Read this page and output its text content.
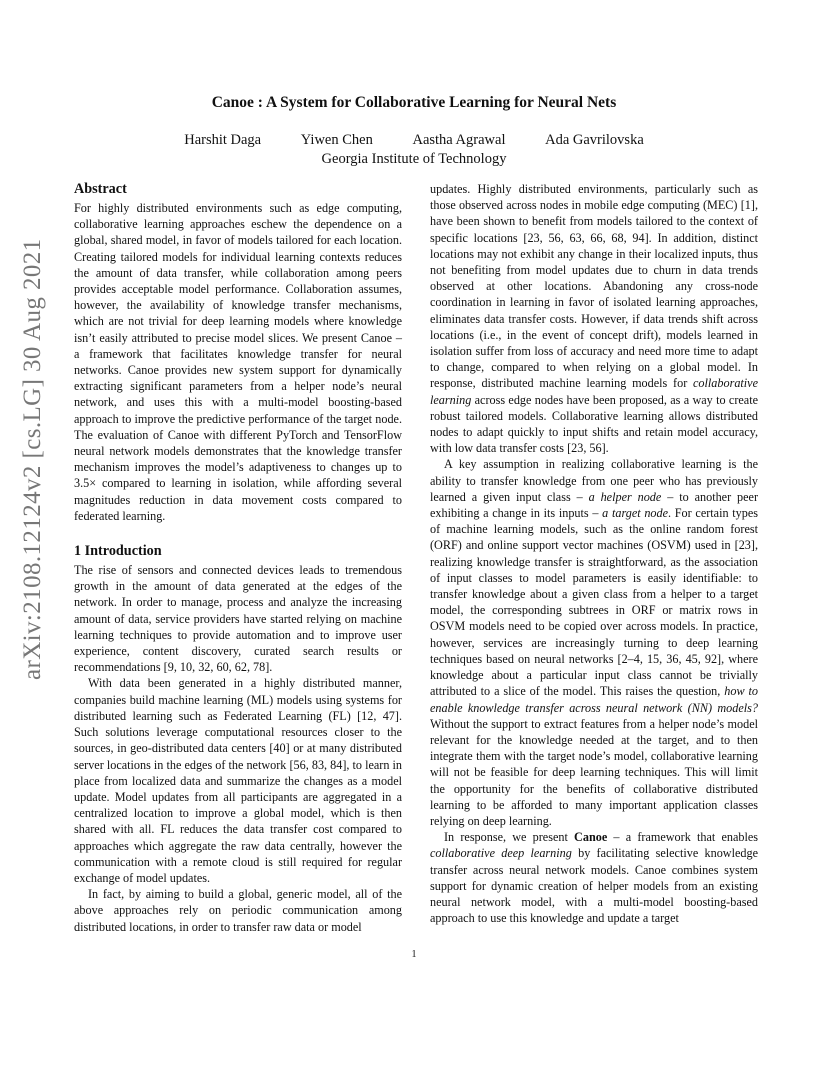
Canoe : A System for Collaborative Learning for Neural Nets
Harshit Daga	Yiwen Chen	Aastha Agrawal	Ada Gavrilovska
Georgia Institute of Technology
arXiv:2108.12124v2 [cs.LG] 30 Aug 2021
Abstract

For highly distributed environments such as edge computing, collaborative learning approaches eschew the dependence on a global, shared model, in favor of models tailored for each location. Creating tailored models for individual learning contexts reduces the amount of data transfer, while collaboration among peers provides acceptable model performance. Collaboration assumes, however, the availability of knowledge transfer mechanisms, which are not trivial for deep learning models where knowledge isn’t easily attributed to precise model slices. We present Canoe – a framework that facilitates knowledge transfer for neural networks. Canoe provides new system support for dynamically extracting significant parameters from a helper node’s neural network, and uses this with a multi-model boosting-based approach to improve the predictive performance of the target node. The evaluation of Canoe with different PyTorch and TensorFlow neural network models demonstrates that the knowledge transfer mechanism improves the model’s adaptiveness to changes up to 3.5× compared to learning in isolation, while affording several magnitudes reduction in data movement costs compared to federated learning.

1 Introduction

The rise of sensors and connected devices leads to tremendous growth in the amount of data generated at the edges of the network. In order to manage, process and analyze the increasing amount of data, service providers have started relying on machine learning techniques to provide automation and to improve user experience, content discovery, curated search results or recommendations [9, 10, 32, 60, 62, 78].

With data been generated in a highly distributed manner, companies build machine learning (ML) models using systems for distributed learning such as Federated Learning (FL) [12, 47]. Such solutions leverage computational resources closer to the sources, in geo-distributed data centers [40] or at many distributed server locations in the edges of the network [56, 83, 84], to learn in place from localized data and summarize the changes as a model update. Model updates from all participants are aggregated in a centralized location to improve a global model, which is then shared with all. FL reduces the data transfer cost compared to approaches which aggregate the raw data centrally, however the communication with a remote cloud is still required for regular exchange of model updates.

In fact, by aiming to build a global, generic model, all of the above approaches rely on periodic communication among distributed locations, in order to transfer raw data or model

updates. Highly distributed environments, particularly such as those observed across nodes in mobile edge computing (MEC) [1], have been shown to benefit from models tailored to the context of specific locations [23, 56, 63, 66, 68, 94]. In addition, distinct locations may not exhibit any change in their localized inputs, thus not benefiting from model updates due to churn in data trends observed at other locations. Abandoning any cross-node coordination in learning in favor of isolated learning approaches, eliminates data transfer costs. However, if data trends shift across locations (i.e., in the event of concept drift), models learned in isolation suffer from loss of accuracy and need more time to adapt to change, compared to when relying on a global model. In response, distributed machine learning models for collaborative learning across edge nodes have been proposed, as a way to create robust tailored models. Collaborative learning allows distributed nodes to adapt quickly to input shifts and retain model accuracy, with low data transfer costs [23, 56].

A key assumption in realizing collaborative learning is the ability to transfer knowledge from one peer who has previously learned a given input class – a helper node – to another peer exhibiting a change in its inputs – a target node. For certain types of machine learning models, such as the online random forest (ORF) and online support vector machines (OSVM) used in [23], realizing knowledge transfer is straightforward, as the association of input classes to model parameters is easily identifiable: to transfer knowledge about a given class from a helper to a target model, the corresponding subtrees in ORF or matrix rows in OSVM models need to be copied over across models. In practice, however, services are increasingly turning to deep learning techniques based on neural networks [2–4, 15, 36, 45, 92], where knowledge about a particular input class cannot be trivially attributed to a slice of the model. This raises the question, how to enable knowledge transfer across neural network (NN) models? Without the support to extract features from a helper node’s model relevant for the knowledge needed at the target, and to then integrate them with the target node’s model, collaborative learning will not be feasible for deep learning techniques. This will limit the opportunity for the benefits of collaborative distributed learning to be afforded to many important application classes relying on deep learning.

In response, we present Canoe – a framework that enables collaborative deep learning by facilitating selective knowledge transfer across neural network models. Canoe combines system support for dynamic creation of helper models from an existing neural network model, with a multi-model boosting-based approach to use this knowledge and update a target

1
